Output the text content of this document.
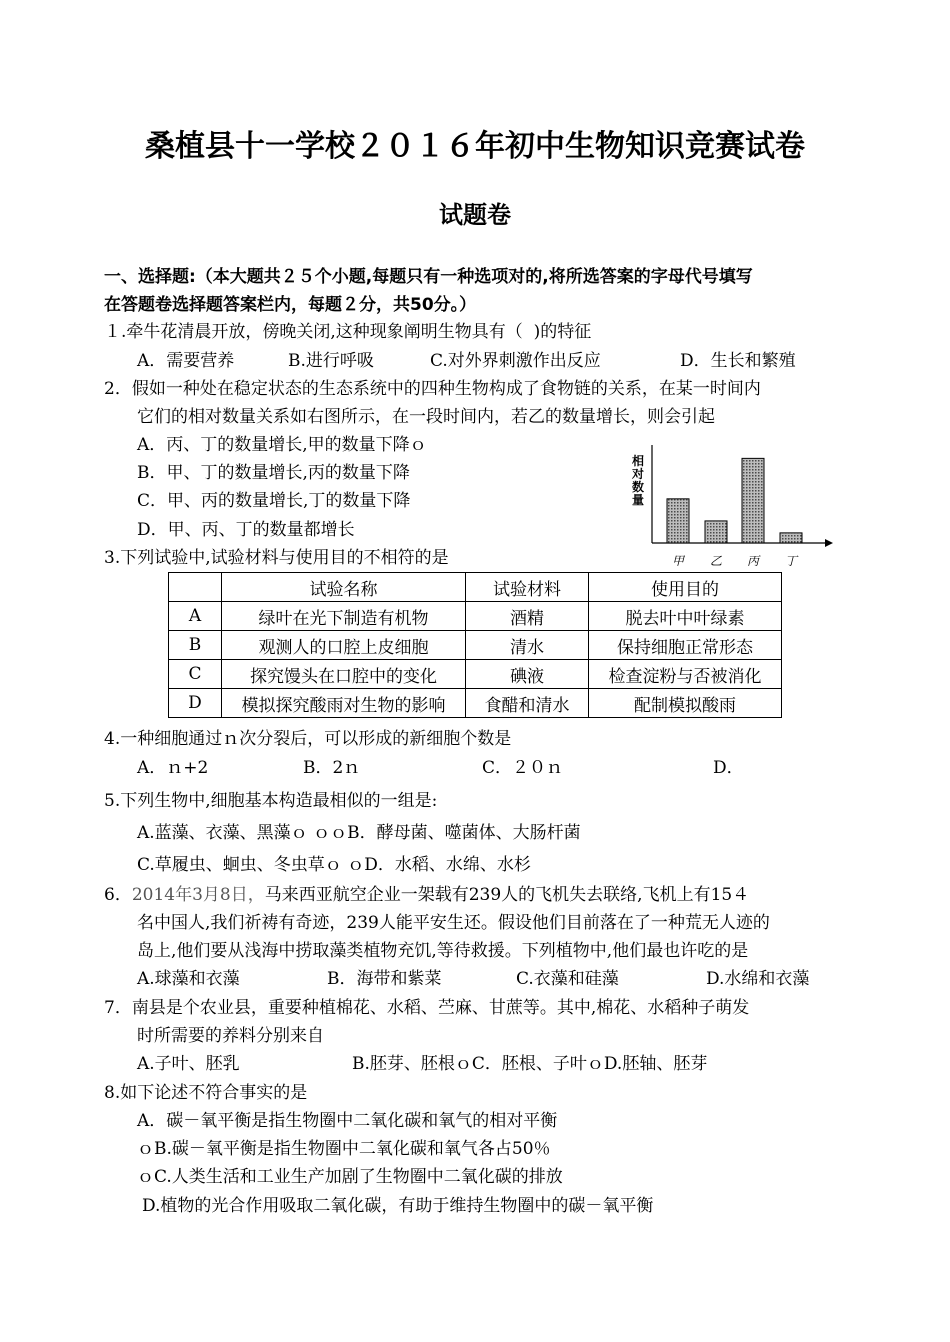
桑植县十一学校２０１６年初中生物知识竞赛试卷
试题卷
一、选择题:（本大题共２５个小题,每题只有一种选项对的,将所选答案的字母代号填写
在答题卷选择题答案栏内，每题２分，共50分。）
１.牵牛花清晨开放，傍晚关闭,这种现象阐明生物具有（  )的特征
A．需要营养	B.进行呼吸	C.对外界刺激作出反应	D．生长和繁殖
2．假如一种处在稳定状态的生态系统中的四种生物构成了食物链的关系，在某一时间内
它们的相对数量关系如右图所示，在一段时间内，若乙的数量增长，则会引起
A．丙、丁的数量增长,甲的数量下降ｏ
B．甲、丁的数量增长,丙的数量下降
C．甲、丙的数量增长,丁的数量下降
D．甲、丙、丁的数量都增长
相对数量
甲 乙 丙 丁
3.下列试验中,试验材料与使用目的不相符的是
	试验名称	试验材料	使用目的
A	绿叶在光下制造有机物	酒精	脱去叶中叶绿素
B	观测人的口腔上皮细胞	清水	保持细胞正常形态
C	探究馒头在口腔中的变化	碘液	检查淀粉与否被消化
D	模拟探究酸雨对生物的影响	食醋和清水	配制模拟酸雨
4.一种细胞通过ｎ次分裂后，可以形成的新细胞个数是
A．ｎ+2	B．2ｎ	C．２０ｎ	D．
5.下列生物中,细胞基本构造最相似的一组是:
A.蓝藻、衣藻、黑藻ｏ ｏｏB．酵母菌、噬菌体、大肠杆菌
C.草履虫、蛔虫、冬虫草ｏ ｏD．水稻、水绵、水杉
6．2014年3月8日，马来西亚航空企业一架载有239人的飞机失去联络,飞机上有15４
名中国人,我们祈祷有奇迹，239人能平安生还。假设他们目前落在了一种荒无人迹的
岛上,他们要从浅海中捞取藻类植物充饥,等待救援。下列植物中,他们最也许吃的是
A.球藻和衣藻	B．海带和紫菜	C.衣藻和硅藻	D.水绵和衣藻
7．南县是个农业县，重要种植棉花、水稻、苎麻、甘蔗等。其中,棉花、水稻种子萌发
时所需要的养料分别来自
A.子叶、胚乳	B.胚芽、胚根ｏC．胚根、子叶ｏD.胚轴、胚芽
8.如下论述不符合事实的是
A．碳－氧平衡是指生物圈中二氧化碳和氧气的相对平衡
ｏB.碳－氧平衡是指生物圈中二氧化碳和氧气各占50％
ｏC.人类生活和工业生产加剧了生物圈中二氧化碳的排放
D.植物的光合作用吸取二氧化碳，有助于维持生物圈中的碳－氧平衡
